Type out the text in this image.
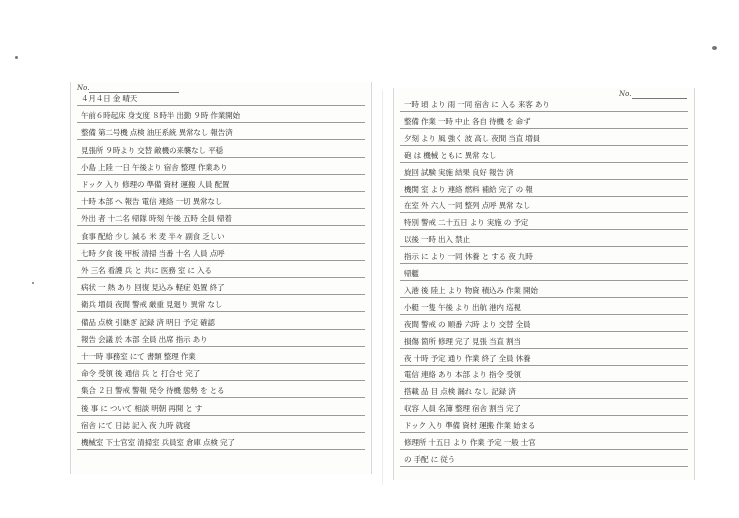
No.
４月４日 金 晴天
午前６時起床 身支度 ８時半 出勤 ９時 作業開始
整備 第二号機 点検 油圧系統 異常なし 報告済
見張所 ９時より 交替 敵機の来襲なし 平穏
小島 上陸 一日 午後より 宿舎 整理 作業あり
ドック 入り 修理の 準備 資材 運搬 人員 配置
十時 本部 へ 報告 電信 連絡 一切 異常なし
外出 者 十二名 帰隊 時刻 午後 五時 全員 帰着
食事 配給 少し 減る 米 麦 半々 副食 乏しい
七時 夕食 後 甲板 清掃 当番 十名 人員 点呼
外 三名 看護 兵 と 共に 医務 室 に 入る
病状 一 熱 あり 回復 見込み 軽症 処置 終了
衛兵 増員 夜間 警戒 厳重 見廻り 異常 なし
備品 点検 引継ぎ 記録 済 明日 予定 確認
報告 会議 於 本部 全員 出席 指示 あり
十一時 事務室 にて 書類 整理 作業
命令 受領 後 通信 兵 と 打合せ 完了
集合 ２日 警戒 警報 発令 待機 態勢 を とる
後 事 に ついて 相談 明朝 再開 と す
宿舎 にて 日誌 記入 夜 九時 就寝
機械室 下士官室 清掃室 兵員室 倉庫 点検 完了
No.
一時 頃 より 雨 一同 宿舎 に 入る 来客 あり
整備 作業 一時 中止 各自 待機 を 命ず
夕刻 より 風 強く 波 高し 夜間 当直 増員
砲 は 機械 ともに 異常 なし
旋回 試験 実施 結果 良好 報告 済
機関 室 より 連絡 燃料 補給 完了 の 報
在室 外 六人 一同 整列 点呼 異常 なし
特別 警戒 二十五日 より 実施 の 予定
以後 一時 出入 禁止
指示 に より 一同 休養 と する 夜 九時
帰艦
入港 後 陸上 より 物資 積込み 作業 開始
小艇 一隻 午後 より 出航 港内 巡視
夜間 警戒 の 順番 六時 より 交替 全員
損傷 箇所 修理 完了 見張 当直 割当
夜 十時 予定 通り 作業 終了 全員 休養
電信 連絡 あり 本部 より 指令 受領
搭載 品 目 点検 漏れ なし 記録 済
収容 人員 名簿 整理 宿舎 割当 完了
ドック 入り 準備 資材 運搬 作業 始まる
修理所 十五日 より 作業 予定 一般 士官
の 手配 に 従う
